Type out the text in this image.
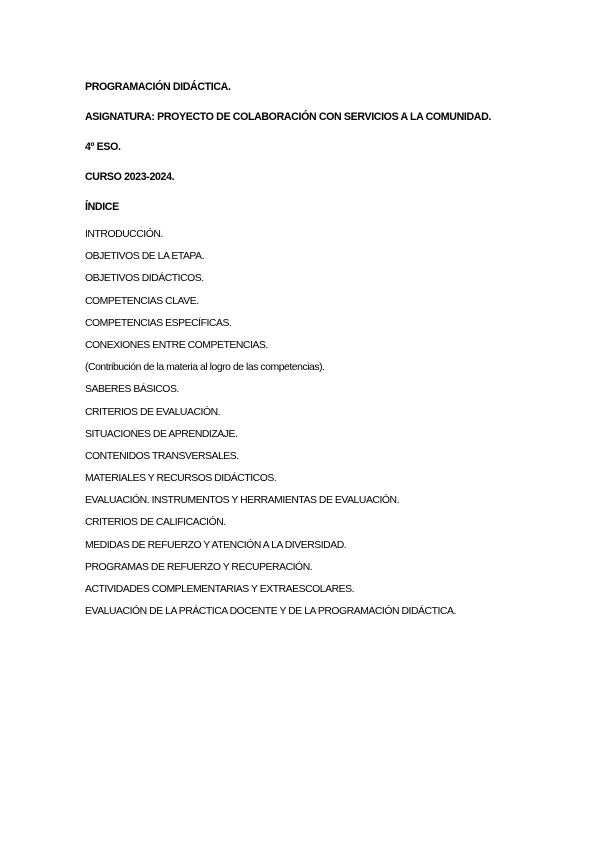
PROGRAMACIÓN DIDÁCTICA.

ASIGNATURA: PROYECTO DE COLABORACIÓN CON SERVICIOS A LA COMUNIDAD.

4º ESO.

CURSO 2023-2024.

ÍNDICE

INTRODUCCIÓN.
OBJETIVOS DE LA ETAPA.
OBJETIVOS DIDÁCTICOS.
COMPETENCIAS CLAVE.
COMPETENCIAS ESPECÍFICAS.
CONEXIONES ENTRE COMPETENCIAS.
(Contribución de la materia al logro de las competencias).
SABERES BÁSICOS.
CRITERIOS DE EVALUACIÓN.
SITUACIONES DE APRENDIZAJE.
CONTENIDOS TRANSVERSALES.
MATERIALES Y RECURSOS DIDÁCTICOS.
EVALUACIÓN. INSTRUMENTOS Y HERRAMIENTAS DE EVALUACIÓN.
CRITERIOS DE CALIFICACIÓN.
MEDIDAS DE REFUERZO Y ATENCIÓN A LA DIVERSIDAD.
PROGRAMAS DE REFUERZO Y RECUPERACIÓN.
ACTIVIDADES COMPLEMENTARIAS Y EXTRAESCOLARES.
EVALUACIÓN DE LA PRÁCTICA DOCENTE Y DE LA PROGRAMACIÓN DIDÁCTICA.
